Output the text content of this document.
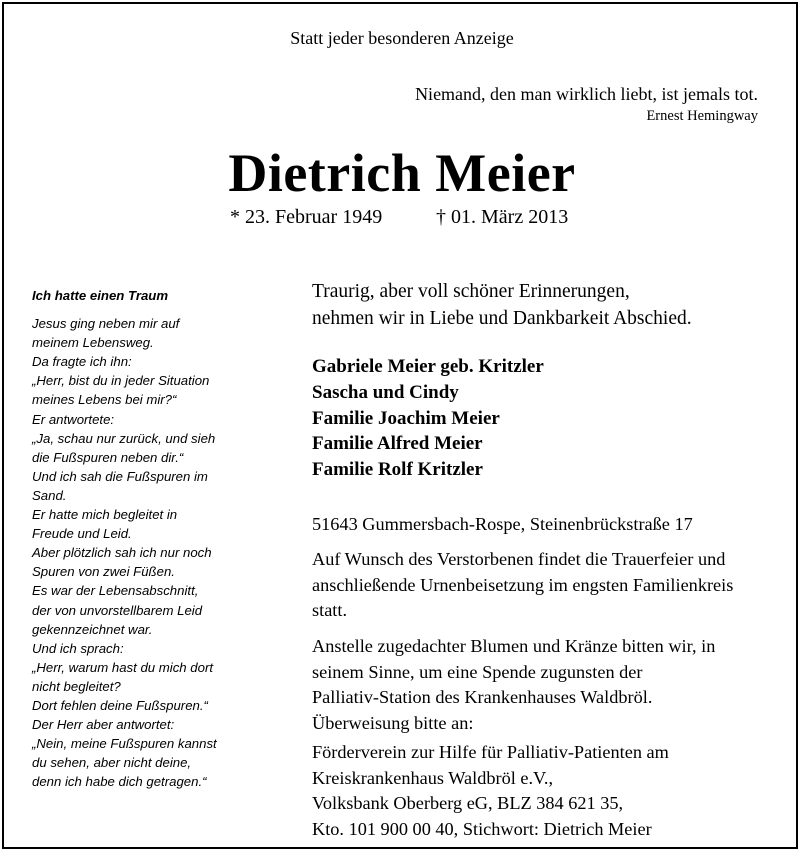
Statt jeder besonderen Anzeige
Niemand, den man wirklich liebt, ist jemals tot.
Ernest Hemingway
Dietrich Meier
* 23. Februar 1949	† 01. März 2013
Ich hatte einen Traum
Jesus ging neben mir auf
meinem Lebensweg.
Da fragte ich ihn:
„Herr, bist du in jeder Situation
meines Lebens bei mir?“
Er antwortete:
„Ja, schau nur zurück, und sieh
die Fußspuren neben dir.“
Und ich sah die Fußspuren im
Sand.
Er hatte mich begleitet in
Freude und Leid.
Aber plötzlich sah ich nur noch
Spuren von zwei Füßen.
Es war der Lebensabschnitt,
der von unvorstellbarem Leid
gekennzeichnet war.
Und ich sprach:
„Herr, warum hast du mich dort
nicht begleitet?
Dort fehlen deine Fußspuren.“
Der Herr aber antwortet:
„Nein, meine Fußspuren kannst
du sehen, aber nicht deine,
denn ich habe dich getragen.“
Traurig, aber voll schöner Erinnerungen,
nehmen wir in Liebe und Dankbarkeit Abschied.
Gabriele Meier geb. Kritzler
Sascha und Cindy
Familie Joachim Meier
Familie Alfred Meier
Familie Rolf Kritzler
51643 Gummersbach-Rospe, Steinenbrückstraße 17
Auf Wunsch des Verstorbenen findet die Trauerfeier und
anschließende Urnenbeisetzung im engsten Familienkreis
statt.
Anstelle zugedachter Blumen und Kränze bitten wir, in
seinem Sinne, um eine Spende zugunsten der
Palliativ-Station des Krankenhauses Waldbröl.
Überweisung bitte an:
Förderverein zur Hilfe für Palliativ-Patienten am
Kreiskrankenhaus Waldbröl e.V.,
Volksbank Oberberg eG, BLZ 384 621 35,
Kto. 101 900 00 40, Stichwort: Dietrich Meier
